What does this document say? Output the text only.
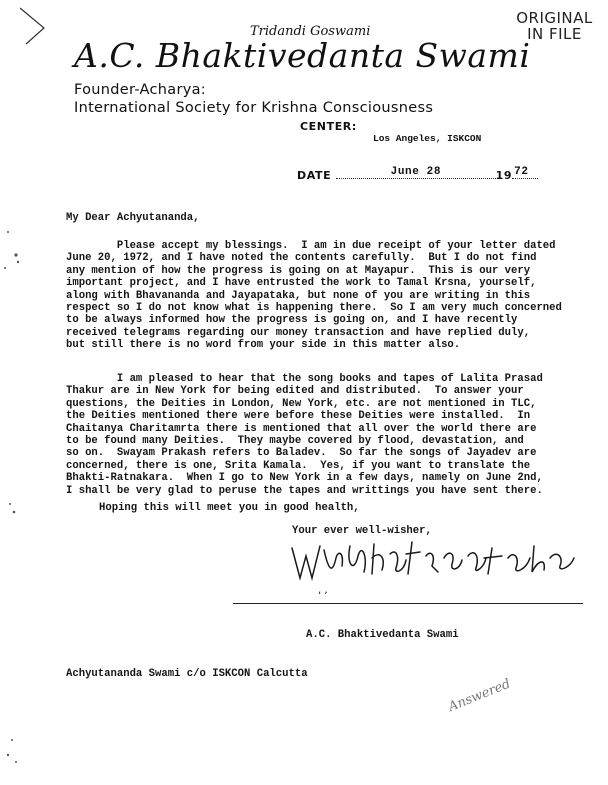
ORIGINAL
IN FILE
Tridandi Goswami
A.C. Bhaktivedanta Swami
Founder-Acharya:
International Society for Krishna Consciousness
CENTER:
Los Angeles, ISKCON
DATE	June 28	19 72
My Dear Achyutananda,
Please accept my blessings.  I am in due receipt of your letter dated
June 20, 1972, and I have noted the contents carefully.  But I do not find
any mention of how the progress is going on at Mayapur.  This is our very
important project, and I have entrusted the work to Tamal Krsna, yourself,
along with Bhavananda and Jayapataka, but none of you are writing in this
respect so I do not know what is happening there.  So I am very much concerned
to be always informed how the progress is going on, and I have recently
received telegrams regarding our money transaction and have replied duly,
but still there is no word from your side in this matter also.
I am pleased to hear that the song books and tapes of Lalita Prasad
Thakur are in New York for being edited and distributed.  To answer your
questions, the Deities in London, New York, etc. are not mentioned in TLC,
the Deities mentioned there were before these Deities were installed.  In
Chaitanya Charitamrta there is mentioned that all over the world there are
to be found many Deities.  They maybe covered by flood, devastation, and
so on.  Swayam Prakash refers to Baladev.  So far the songs of Jayadev are
concerned, there is one, Srita Kamala.  Yes, if you want to translate the
Bhakti-Ratnakara.  When I go to New York in a few days, namely on June 2nd,
I shall be very glad to peruse the tapes and writtings you have sent there.
Hoping this will meet you in good health,
Your ever well-wisher,
, ,
A.C. Bhaktivedanta Swami
Achyutananda Swami c/o ISKCON Calcutta
Answered
